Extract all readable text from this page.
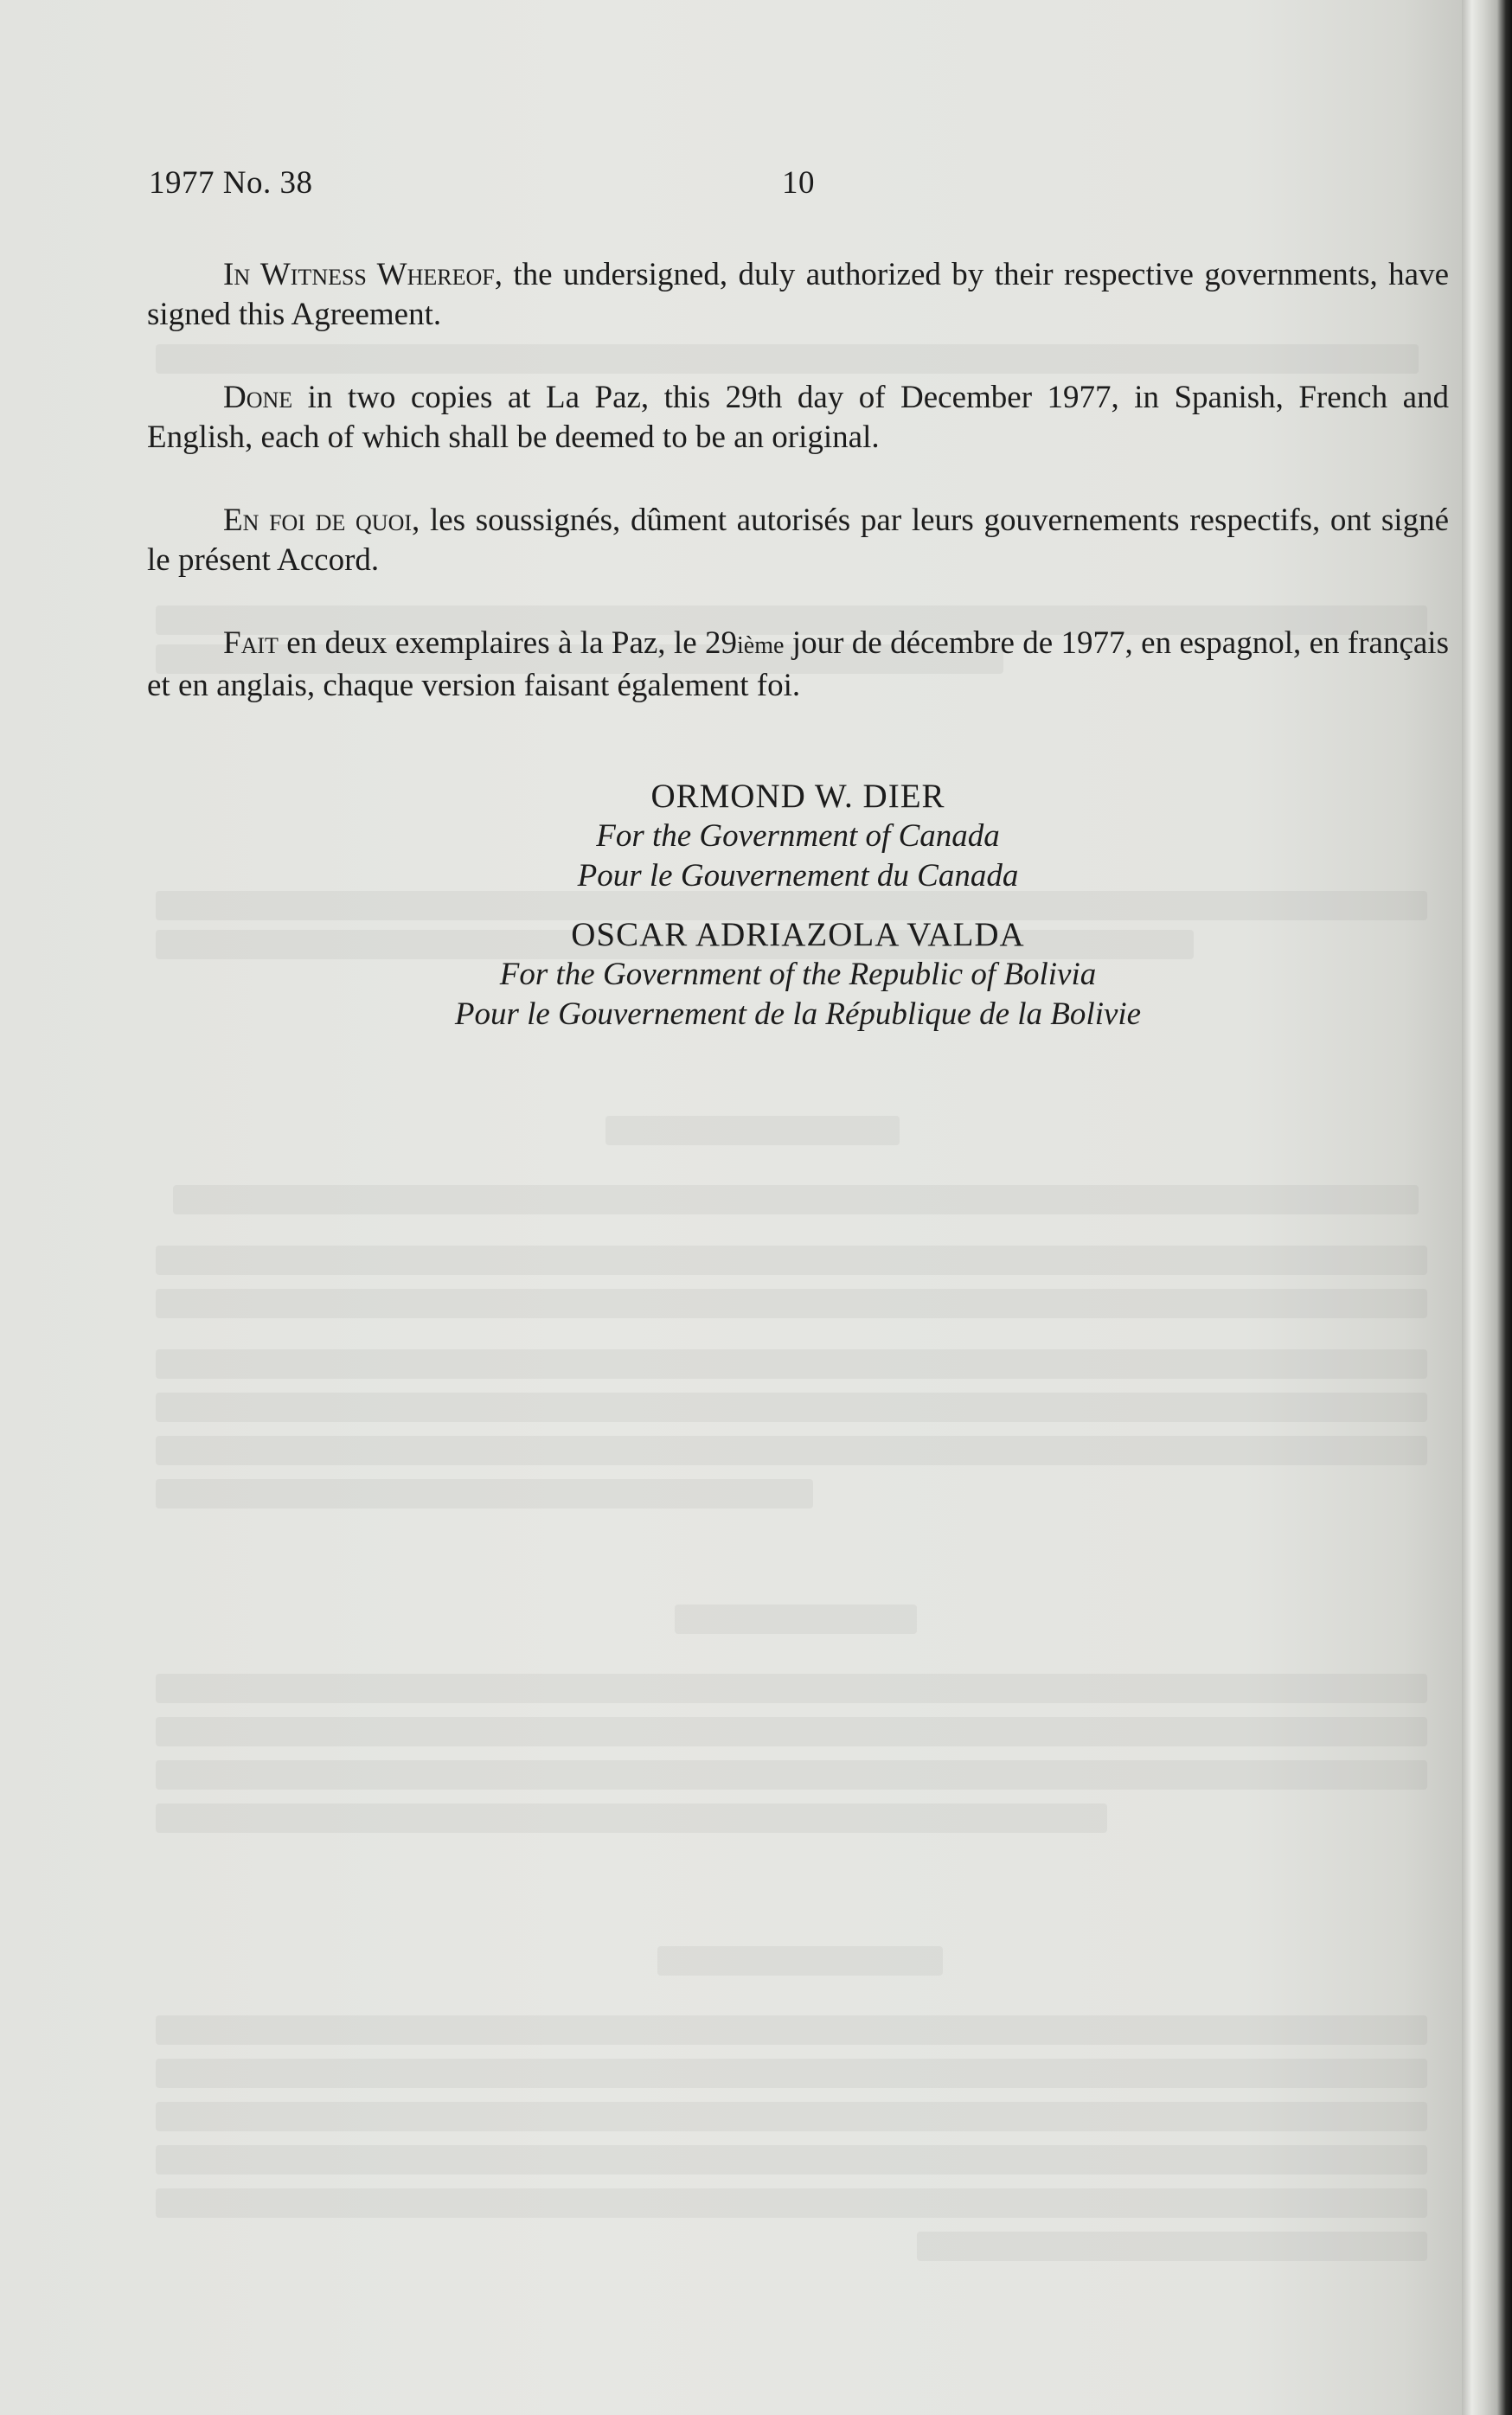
1977 No. 38	10

In Witness Whereof, the undersigned, duly authorized by their respective governments, have signed this Agreement.

Done in two copies at La Paz, this 29th day of December 1977, in Spanish, French and English, each of which shall be deemed to be an original.

En foi de quoi, les soussignés, dûment autorisés par leurs gouvernements respectifs, ont signé le présent Accord.

Fait en deux exemplaires à la Paz, le 29ième jour de décembre de 1977, en espagnol, en français et en anglais, chaque version faisant également foi.

ORMOND W. DIER
For the Government of Canada
Pour le Gouvernement du Canada
OSCAR ADRIAZOLA VALDA
For the Government of the Republic of Bolivia
Pour le Gouvernement de la République de la Bolivie
